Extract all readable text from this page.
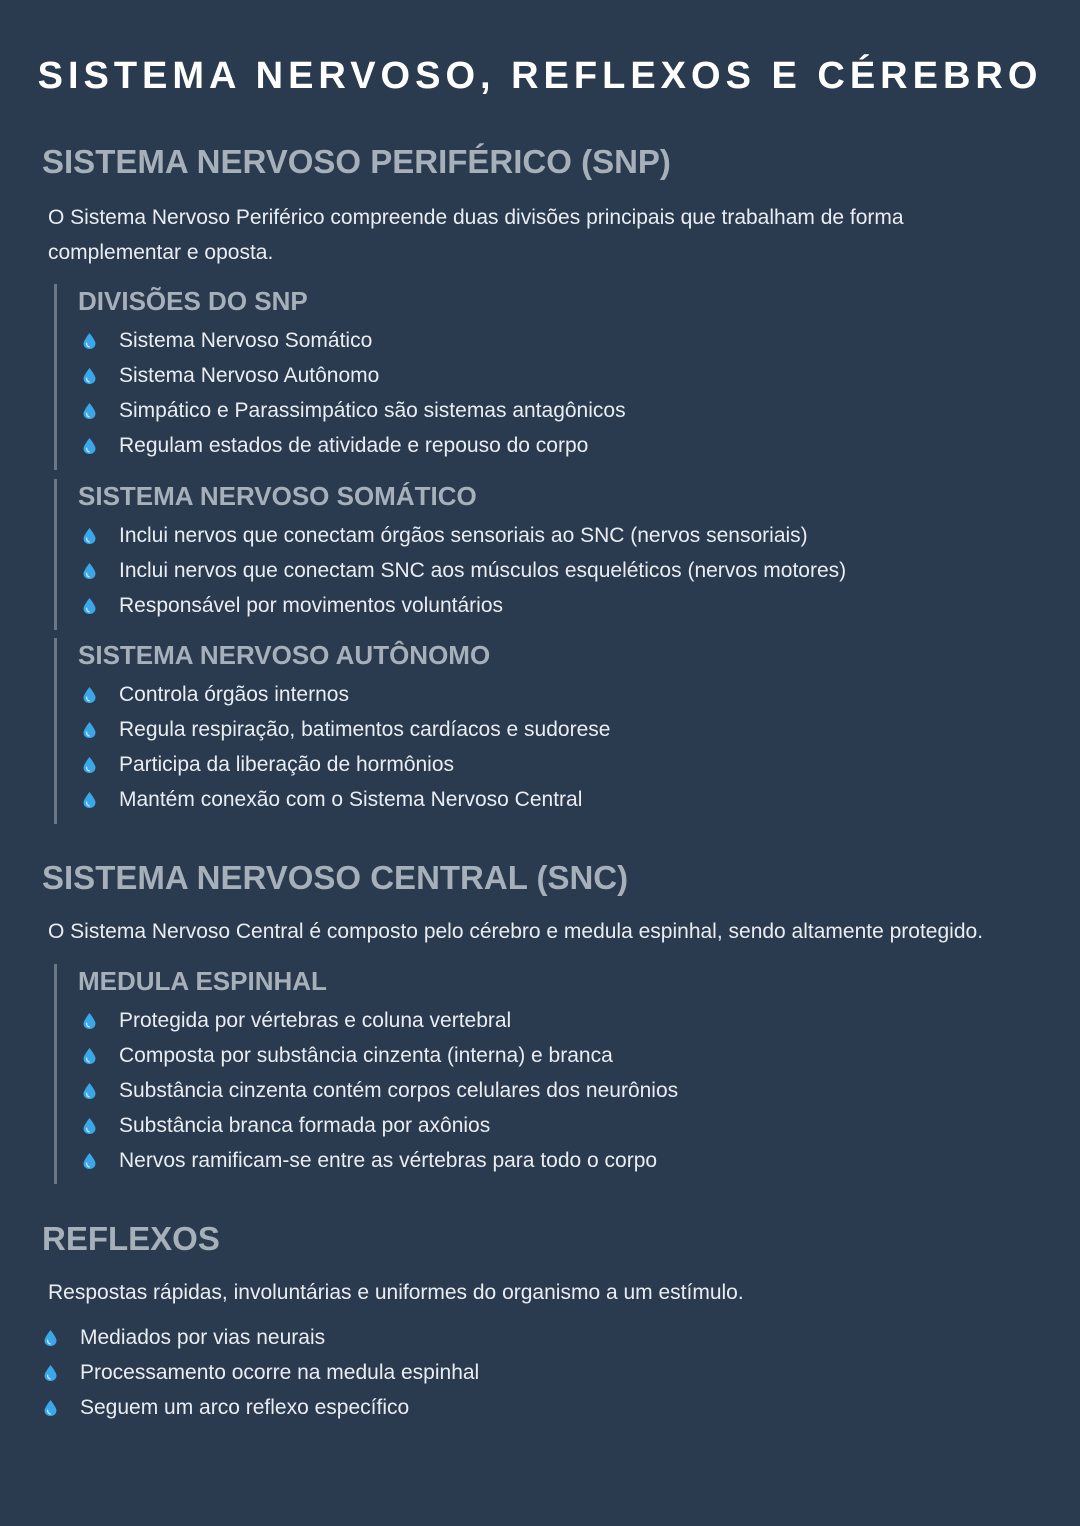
SISTEMA NERVOSO, REFLEXOS E CÉREBRO
SISTEMA NERVOSO PERIFÉRICO (SNP)
O Sistema Nervoso Periférico compreende duas divisões principais que trabalham de forma
complementar e oposta.
DIVISÕES DO SNP
Sistema Nervoso Somático
Sistema Nervoso Autônomo
Simpático e Parassimpático são sistemas antagônicos
Regulam estados de atividade e repouso do corpo
SISTEMA NERVOSO SOMÁTICO
Inclui nervos que conectam órgãos sensoriais ao SNC (nervos sensoriais)
Inclui nervos que conectam SNC aos músculos esqueléticos (nervos motores)
Responsável por movimentos voluntários
SISTEMA NERVOSO AUTÔNOMO
Controla órgãos internos
Regula respiração, batimentos cardíacos e sudorese
Participa da liberação de hormônios
Mantém conexão com o Sistema Nervoso Central
SISTEMA NERVOSO CENTRAL (SNC)
O Sistema Nervoso Central é composto pelo cérebro e medula espinhal, sendo altamente protegido.
MEDULA ESPINHAL
Protegida por vértebras e coluna vertebral
Composta por substância cinzenta (interna) e branca
Substância cinzenta contém corpos celulares dos neurônios
Substância branca formada por axônios
Nervos ramificam-se entre as vértebras para todo o corpo
REFLEXOS
Respostas rápidas, involuntárias e uniformes do organismo a um estímulo.
Mediados por vias neurais
Processamento ocorre na medula espinhal
Seguem um arco reflexo específico
